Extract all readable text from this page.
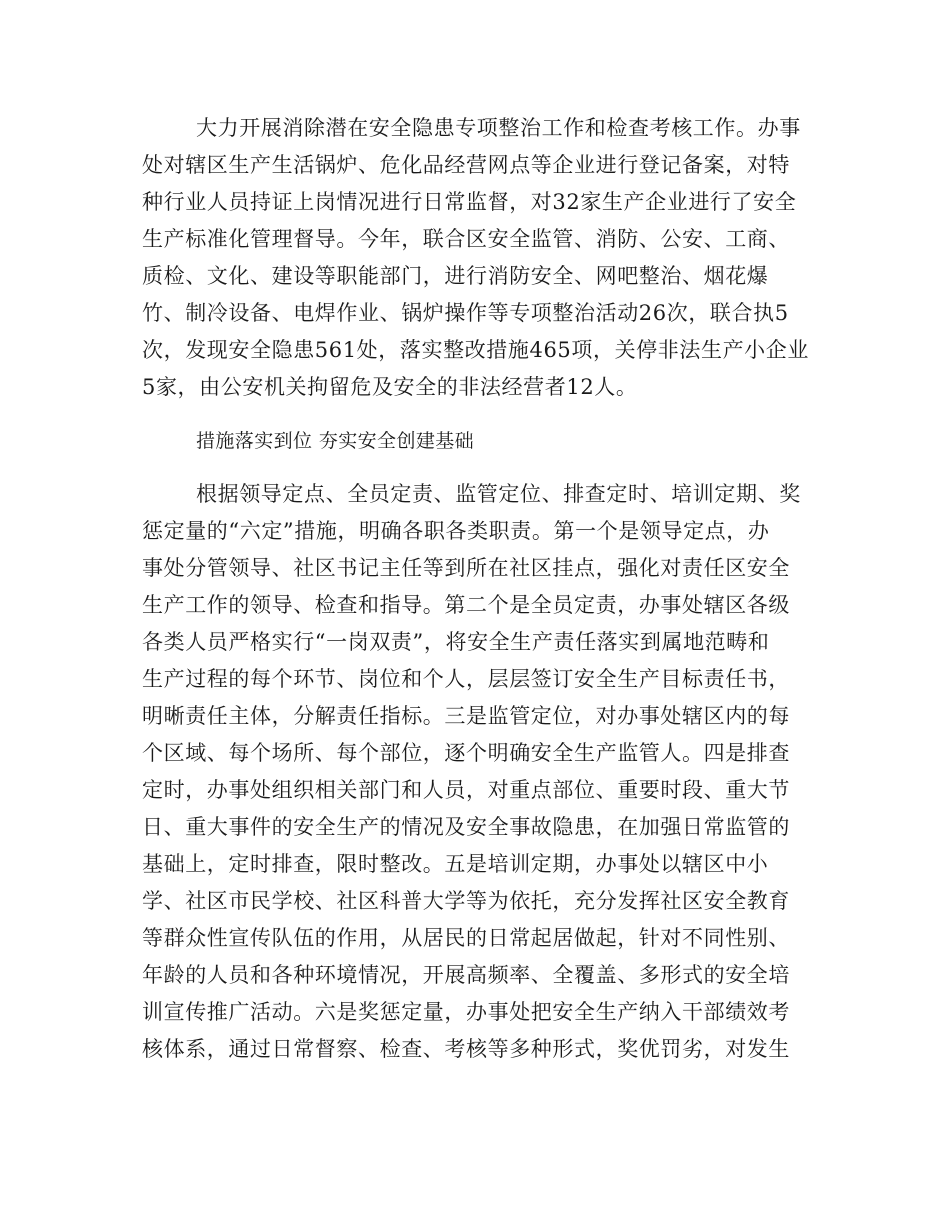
大力开展消除潜在安全隐患专项整治工作和检查考核工作。办事
处对辖区生产生活锅炉、危化品经营网点等企业进行登记备案，对特
种行业人员持证上岗情况进行日常监督，对32家生产企业进行了安全
生产标准化管理督导。今年，联合区安全监管、消防、公安、工商、
质检、文化、建设等职能部门，进行消防安全、网吧整治、烟花爆
竹、制冷设备、电焊作业、锅炉操作等专项整治活动26次，联合执5
次，发现安全隐患561处，落实整改措施465项，关停非法生产小企业
5家，由公安机关拘留危及安全的非法经营者12人。
措施落实到位 夯实安全创建基础
根据领导定点、全员定责、监管定位、排查定时、培训定期、奖
惩定量的“六定”措施，明确各职各类职责。第一个是领导定点，办
事处分管领导、社区书记主任等到所在社区挂点，强化对责任区安全
生产工作的领导、检查和指导。第二个是全员定责，办事处辖区各级
各类人员严格实行“一岗双责”，将安全生产责任落实到属地范畴和
生产过程的每个环节、岗位和个人，层层签订安全生产目标责任书，
明晰责任主体，分解责任指标。三是监管定位，对办事处辖区内的每
个区域、每个场所、每个部位，逐个明确安全生产监管人。四是排查
定时，办事处组织相关部门和人员，对重点部位、重要时段、重大节
日、重大事件的安全生产的情况及安全事故隐患，在加强日常监管的
基础上，定时排查，限时整改。五是培训定期，办事处以辖区中小
学、社区市民学校、社区科普大学等为依托，充分发挥社区安全教育
等群众性宣传队伍的作用，从居民的日常起居做起，针对不同性别、
年龄的人员和各种环境情况，开展高频率、全覆盖、多形式的安全培
训宣传推广活动。六是奖惩定量，办事处把安全生产纳入干部绩效考
核体系，通过日常督察、检查、考核等多种形式，奖优罚劣，对发生
